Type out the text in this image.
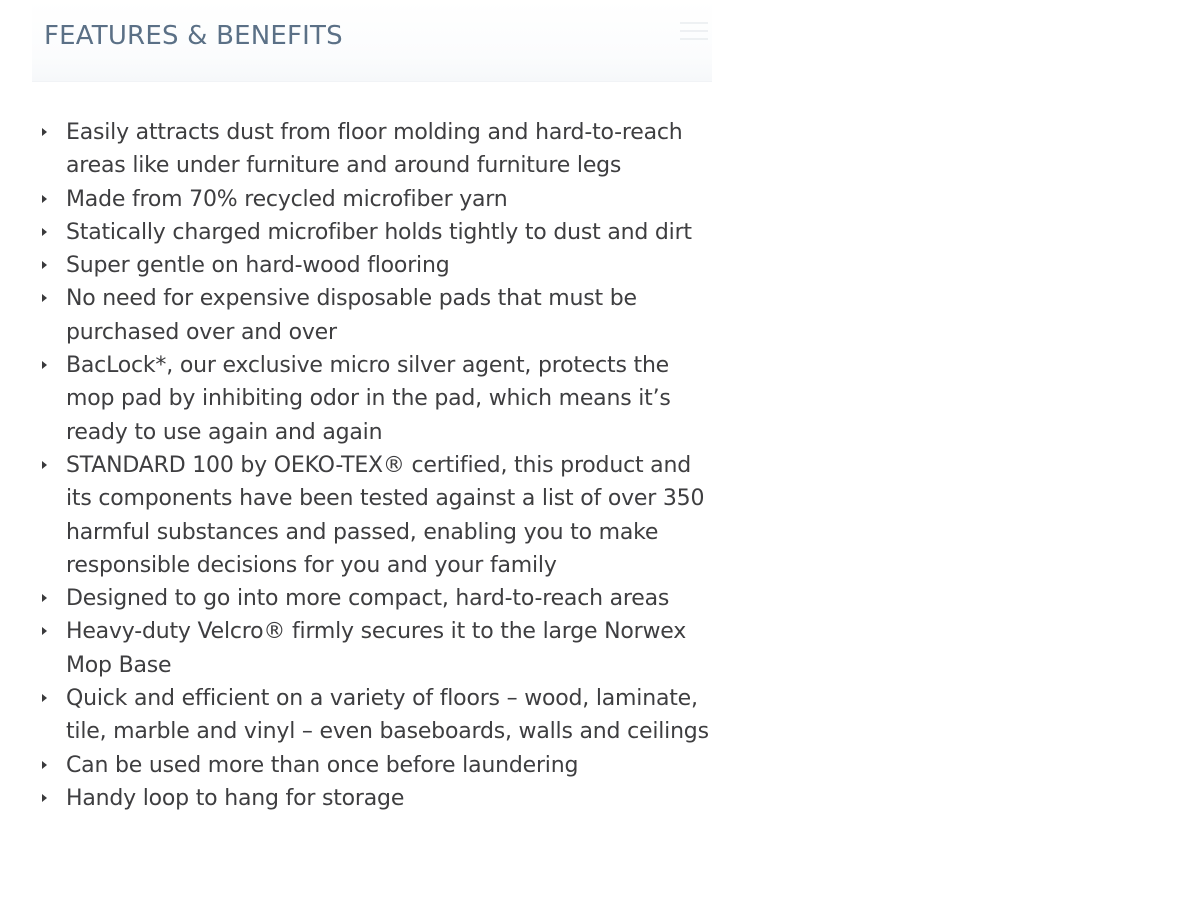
FEATURES & BENEFITS
Easily attracts dust from floor molding and hard-to-reach areas like under furniture and around furniture legs
Made from 70% recycled microfiber yarn
Statically charged microfiber holds tightly to dust and dirt
Super gentle on hard-wood flooring
No need for expensive disposable pads that must be purchased over and over
BacLock*, our exclusive micro silver agent, protects the mop pad by inhibiting odor in the pad, which means it’s ready to use again and again
STANDARD 100 by OEKO-TEX® certified, this product and its components have been tested against a list of over 350 harmful substances and passed, enabling you to make responsible decisions for you and your family
Designed to go into more compact, hard-to-reach areas
Heavy-duty Velcro® firmly secures it to the large Norwex Mop Base
Quick and efficient on a variety of floors – wood, laminate, tile, marble and vinyl – even baseboards, walls and ceilings
Can be used more than once before laundering
Handy loop to hang for storage
